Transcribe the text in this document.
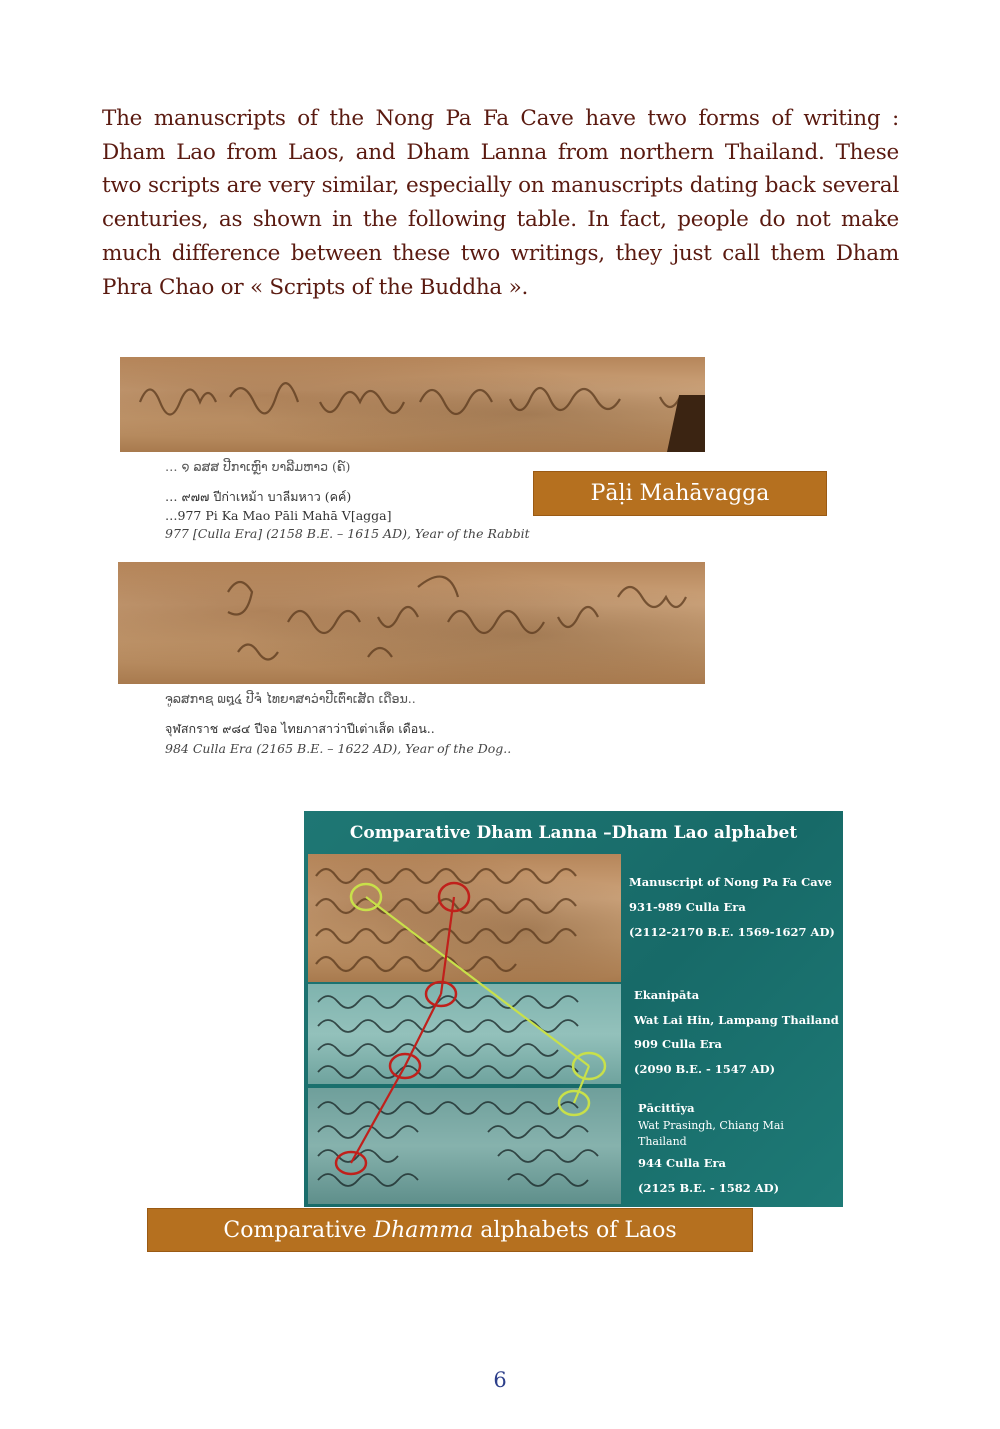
The manuscripts of the Nong Pa Fa Cave have two forms of writing : Dham Lao from Laos, and Dham Lanna from northern Thailand. These two scripts are very similar, especially on manuscripts dating back several centuries, as shown in the following table. In fact, people do not make much difference between these two writings, they just call them Dham Phra Chao or « Scripts of the Buddha ».

… ໑ ລສສ ປີກາເຫຼົາ ບາລີມຫາວ (ຄ໌)

… ๙๗๗ ปีก่าเหม้า บาลีมหาว (คค์)

…977 Pi Ka Mao Pāli Mahā V[agga]

977 [Culla Era] (2158 B.E. – 1615 AD), Year of the Rabbit

Pāḷi Mahāvagga

ຈູລສກາຊ ໙໘໔ ປີຈໍ ໄທຍາສາວ່າປີເຕົ່າເສັດ ເດືອນ..

จุฬสกราช ๙๘๔ ปีจอ ไทยภาสาว่าปีเต่าเส็ด เดือน..

984 Culla Era (2165 B.E. – 1622 AD), Year of the Dog..

Comparative Dham Lanna –Dham Lao alphabet

Manuscript of Nong Pa Fa Cave

931-989 Culla Era

(2112-2170 B.E. 1569-1627 AD)

Ekanipāta

Wat Lai Hin, Lampang Thailand

909 Culla Era

(2090 B.E. - 1547 AD)

Pācittīya

Wat Prasingh, Chiang Mai

Thailand

944 Culla Era

(2125 B.E. - 1582 AD)

Comparative Dhamma alphabets of Laos

6
